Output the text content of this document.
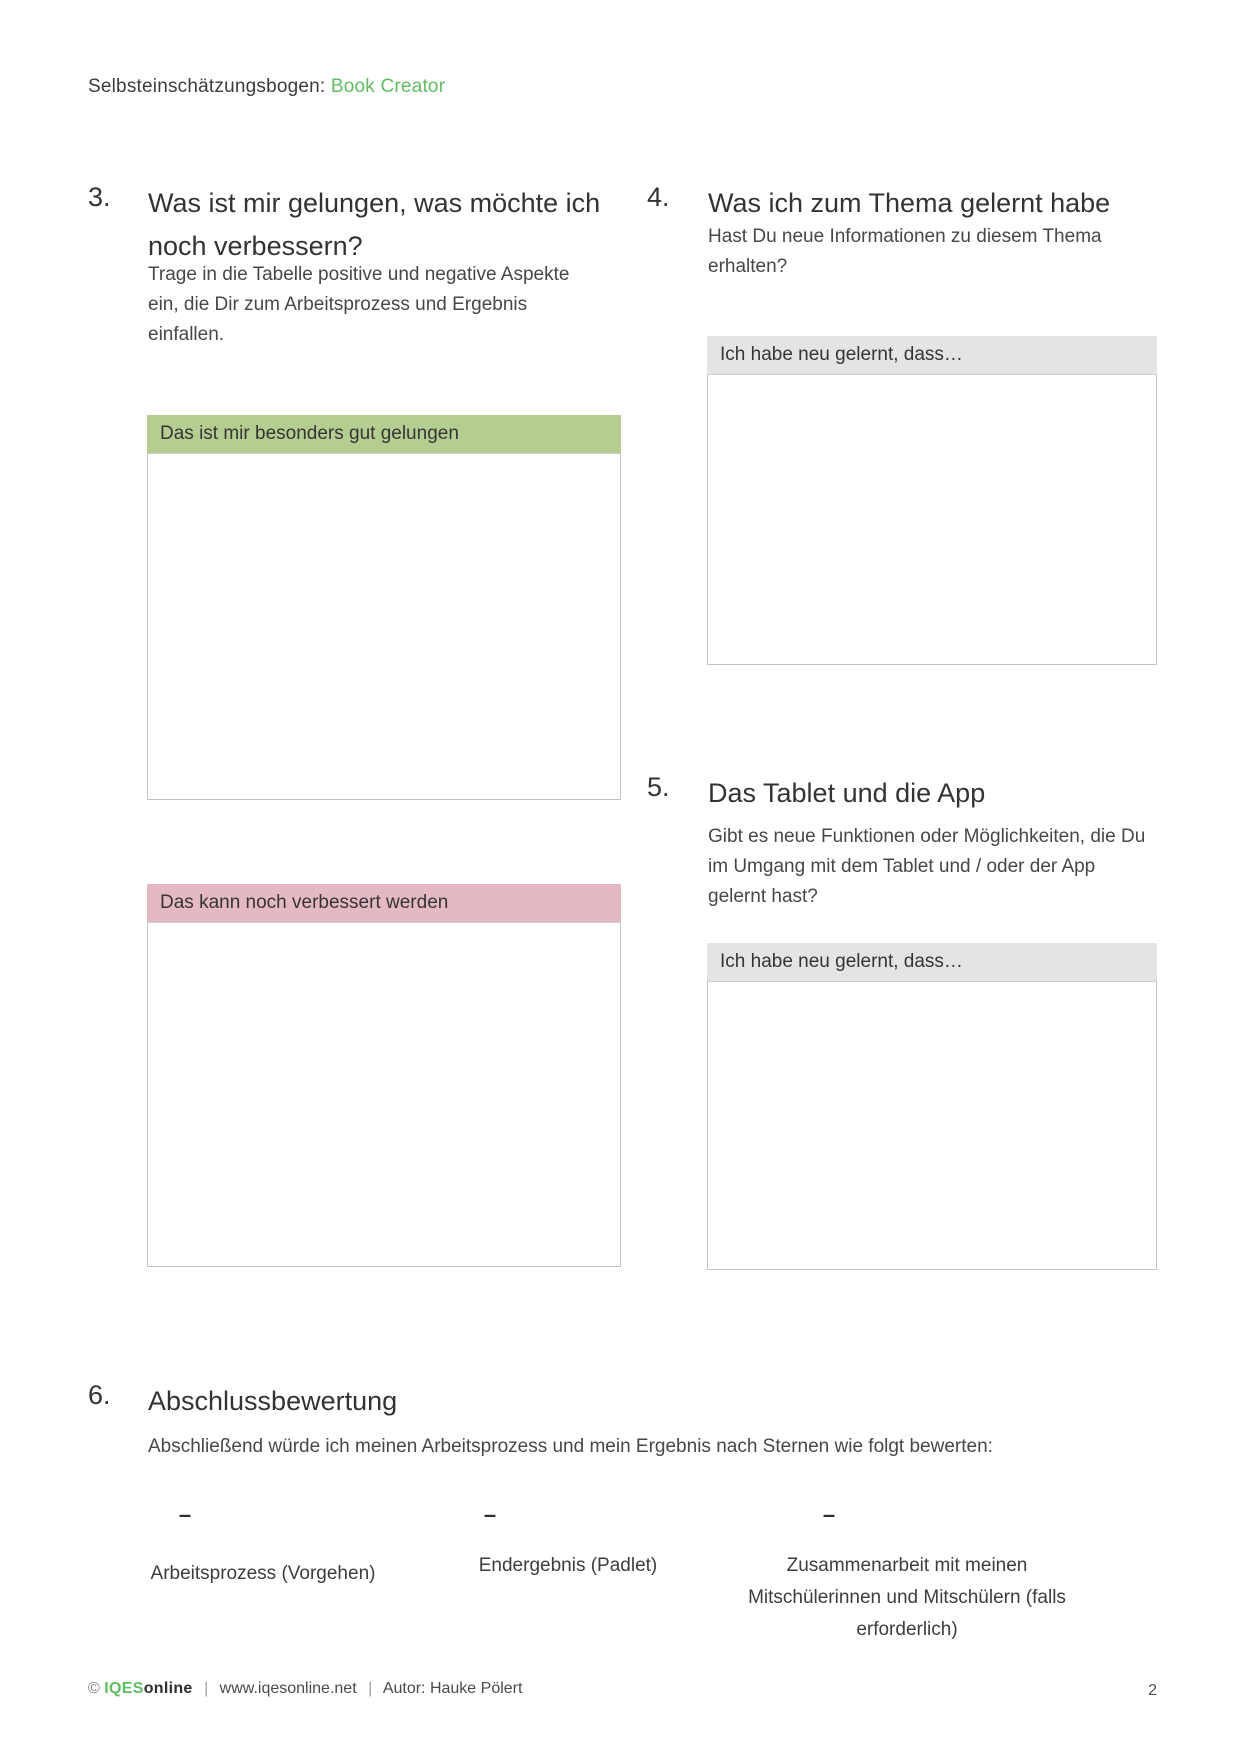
Selbsteinschätzungsbogen: Book Creator
3. Was ist mir gelungen, was möchte ich noch verbessern?
Trage in die Tabelle positive und negative Aspekte ein, die Dir zum Arbeitsprozess und Ergebnis einfallen.
Das ist mir besonders gut gelungen
Das kann noch verbessert werden
4. Was ich zum Thema gelernt habe
Hast Du neue Informationen zu diesem Thema erhalten?
Ich habe neu gelernt, dass…
5. Das Tablet und die App
Gibt es neue Funktionen oder Möglichkeiten, die Du im Umgang mit dem Tablet und / oder der App gelernt hast?
Ich habe neu gelernt, dass…
6. Abschlussbewertung
Abschließend würde ich meinen Arbeitsprozess und mein Ergebnis nach Sternen wie folgt bewerten:
–
Arbeitsprozess (Vorgehen)
–
Endergebnis (Padlet)
–
Zusammenarbeit mit meinen Mitschülerinnen und Mitschülern (falls erforderlich)
© IQESonline | www.iqesonline.net | Autor: Hauke Pölert	2
